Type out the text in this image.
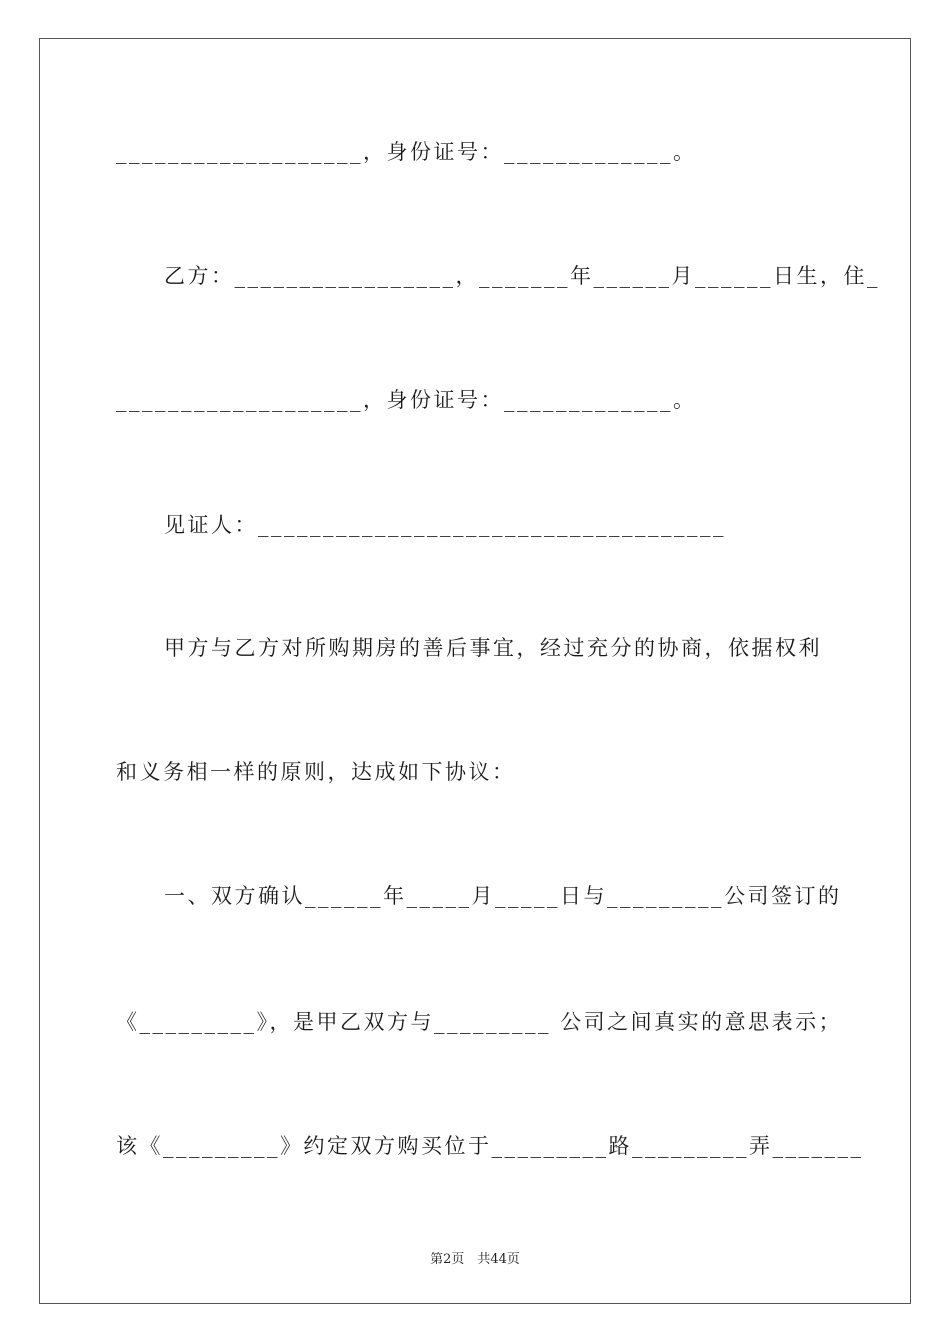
___________________，身份证号：_____________。
乙方：_________________，_______年______月______日生，住_
___________________，身份证号：_____________。
见证人：____________________________________
甲方与乙方对所购期房的善后事宜，经过充分的协商，依据权利
和义务相一样的原则，达成如下协议：
一、双方确认______年_____月_____日与_________公司签订的
《_________》，是甲乙双方与_________ 公司之间真实的意思表示；
该《_________》约定双方购买位于_________路_________弄_______
第2页　共44页
